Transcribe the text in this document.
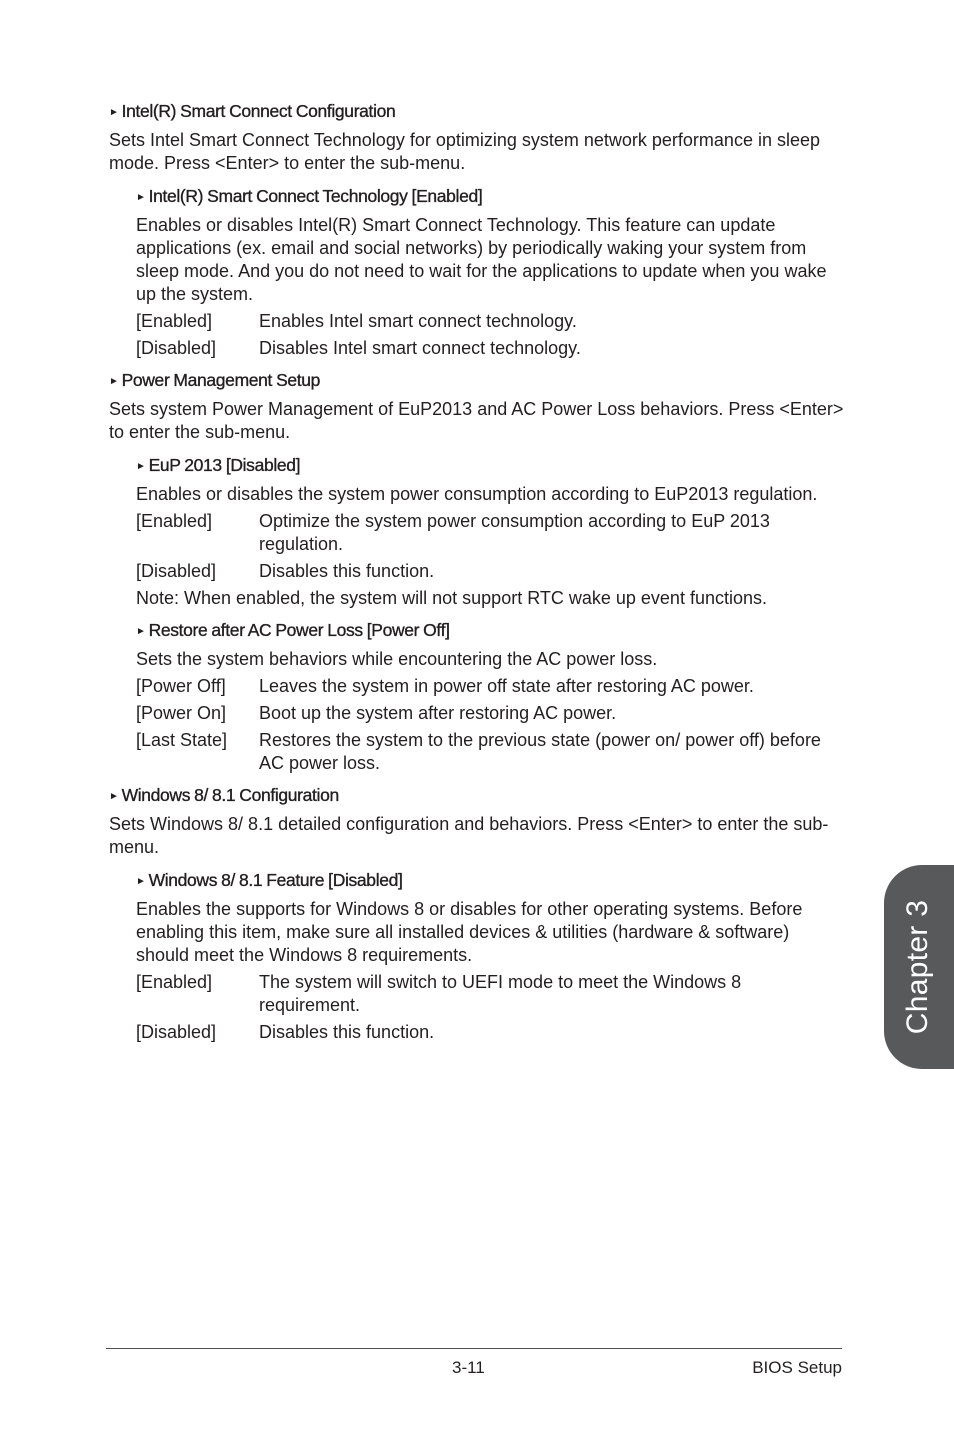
► Intel(R) Smart Connect Configuration
Sets Intel Smart Connect Technology for optimizing system network performance in sleep mode. Press <Enter> to enter the sub-menu.
► Intel(R) Smart Connect Technology [Enabled]
Enables or disables Intel(R) Smart Connect Technology. This feature can update applications (ex. email and social networks) by periodically waking your system from sleep mode. And you do not need to wait for the applications to update when you wake up the system.
[Enabled]	Enables Intel smart connect technology.
[Disabled]	Disables Intel smart connect technology.
► Power Management Setup
Sets system Power Management of EuP2013 and AC Power Loss behaviors. Press <Enter> to enter the sub-menu.
► EuP 2013 [Disabled]
Enables or disables the system power consumption according to EuP2013 regulation.
[Enabled]	Optimize the system power consumption according to EuP 2013 regulation.
[Disabled]	Disables this function.
Note: When enabled, the system will not support RTC wake up event functions.
► Restore after AC Power Loss [Power Off]
Sets the system behaviors while encountering the AC power loss.
[Power Off]	Leaves the system in power off state after restoring AC power.
[Power On]	Boot up the system after restoring AC power.
[Last State]	Restores the system to the previous state (power on/ power off) before AC power loss.
► Windows 8/ 8.1 Configuration
Sets Windows 8/ 8.1 detailed configuration and behaviors. Press <Enter> to enter the sub-menu.
► Windows 8/ 8.1 Feature [Disabled]
Enables the supports for Windows 8 or disables for other operating systems. Before enabling this item, make sure all installed devices & utilities (hardware & software) should meet the Windows 8 requirements.
[Enabled]	The system will switch to UEFI mode to meet the Windows 8 requirement.
[Disabled]	Disables this function.
3-11	BIOS Setup
Chapter 3
